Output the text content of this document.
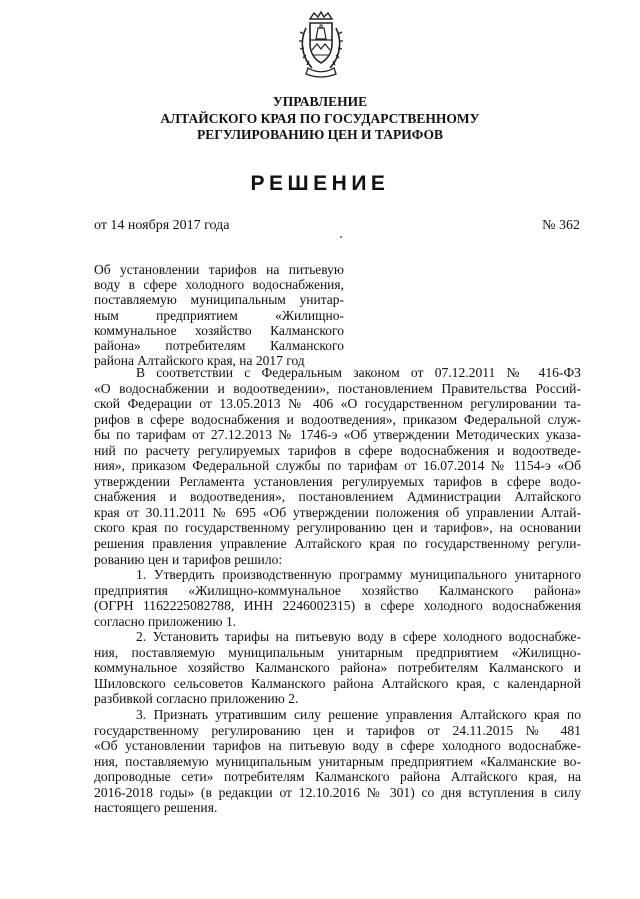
УПРАВЛЕНИЕ
АЛТАЙСКОГО КРАЯ ПО ГОСУДАРСТВЕННОМУ
РЕГУЛИРОВАНИЮ ЦЕН И ТАРИФОВ
РЕШЕНИЕ
от 14 ноября 2017 года	№ 362
Об установлении тарифов на питьевую
воду в сфере холодного водоснабжения,
поставляемую муниципальным унитар-
ным предприятием «Жилищно-
коммунальное хозяйство Калманского
района» потребителям Калманского
района Алтайского края, на 2017 год
В соответствии с Федеральным законом от 07.12.2011 № 416-ФЗ
«О водоснабжении и водоотведении», постановлением Правительства Россий-
ской Федерации от 13.05.2013 № 406 «О государственном регулировании та-
рифов в сфере водоснабжения и водоотведения», приказом Федеральной служ-
бы по тарифам от 27.12.2013 № 1746-э «Об утверждении Методических указа-
ний по расчету регулируемых тарифов в сфере водоснабжения и водоотведе-
ния», приказом Федеральной службы по тарифам от 16.07.2014 № 1154-э «Об
утверждении Регламента установления регулируемых тарифов в сфере водо-
снабжения и водоотведения», постановлением Администрации Алтайского
края от 30.11.2011 № 695 «Об утверждении положения об управлении Алтай-
ского края по государственному регулированию цен и тарифов», на основании
решения правления управление Алтайского края по государственному регули-
рованию цен и тарифов решило:
1. Утвердить производственную программу муниципального унитарного
предприятия «Жилищно-коммунальное хозяйство Калманского района»
(ОГРН 1162225082788, ИНН 2246002315) в сфере холодного водоснабжения
согласно приложению 1.
2. Установить тарифы на питьевую воду в сфере холодного водоснабже-
ния, поставляемую муниципальным унитарным предприятием «Жилищно-
коммунальное хозяйство Калманского района» потребителям Калманского и
Шиловского сельсоветов Калманского района Алтайского края, с календарной
разбивкой согласно приложению 2.
3. Признать утратившим силу решение управления Алтайского края по
государственному регулированию цен и тарифов от 24.11.2015 № 481
«Об установлении тарифов на питьевую воду в сфере холодного водоснабже-
ния, поставляемую муниципальным унитарным предприятием «Калманские во-
допроводные сети» потребителям Калманского района Алтайского края, на
2016-2018 годы» (в редакции от 12.10.2016 № 301) со дня вступления в силу
настоящего решения.
